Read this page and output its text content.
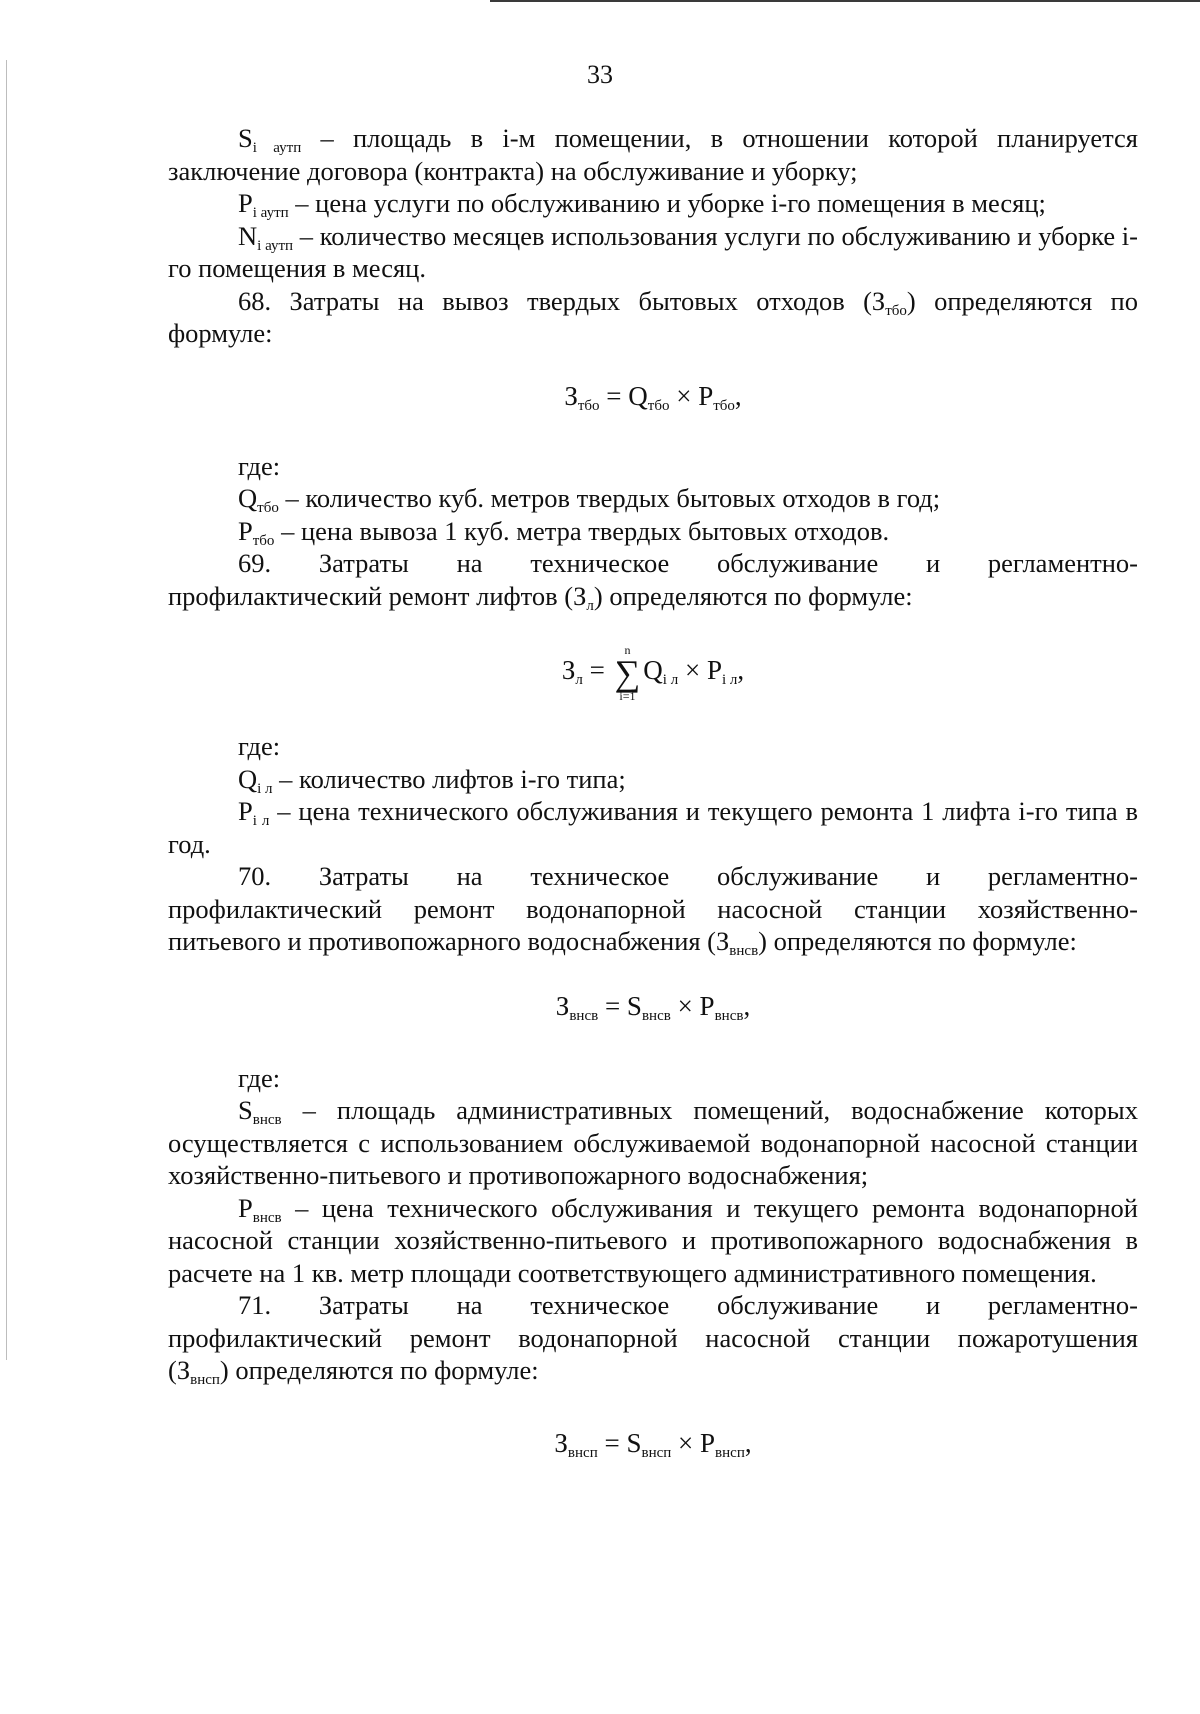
33

$S_{i аутп}$ – площадь в i-м помещении, в отношении которой планируется заключение договора (контракта) на обслуживание и уборку;

$P_{i аутп}$ – цена услуги по обслуживанию и уборке i-го помещения в месяц;

$N_{i аутп}$ – количество месяцев использования услуги по обслуживанию и уборке i-го помещения в месяц.

68. Затраты на вывоз твердых бытовых отходов $(З_{тбо})$ определяются по формуле:

$З_{тбо} = Q_{тбо} \times P_{тбо}$,

где:

$Q_{тбо}$ – количество куб. метров твердых бытовых отходов в год;

$P_{тбо}$ – цена вывоза 1 куб. метра твердых бытовых отходов.

69. Затраты на техническое обслуживание и регламентно-

профилактический ремонт лифтов $(З_л)$ определяются по формуле:

$З_л$ =
n
∑
i=1
$Q_{i л} \times P_{i л}$,

где:

$Q_{i л}$ – количество лифтов i-го типа;

$P_{i л}$ – цена технического обслуживания и текущего ремонта 1 лифта i-го типа в год.

70. Затраты на техническое обслуживание и регламентно-

профилактический ремонт водонапорной насосной станции хозяйственно-

питьевого и противопожарного водоснабжения $(З_{внсв})$ определяются по формуле:

$З_{внсв} = S_{внсв} \times P_{внсв}$,

где:

$S_{внсв}$ – площадь административных помещений, водоснабжение которых осуществляется с использованием обслуживаемой водонапорной насосной станции хозяйственно-питьевого и противопожарного водоснабжения;

$P_{внсв}$ – цена технического обслуживания и текущего ремонта водонапорной насосной станции хозяйственно-питьевого и противопожарного водоснабжения в расчете на 1 кв. метр площади соответствующего административного помещения.

71. Затраты на техническое обслуживание и регламентно-

профилактический ремонт водонапорной насосной станции пожаротушения

$(З_{внсп})$ определяются по формуле:

$З_{внсп} = S_{внсп} \times P_{внсп}$,
